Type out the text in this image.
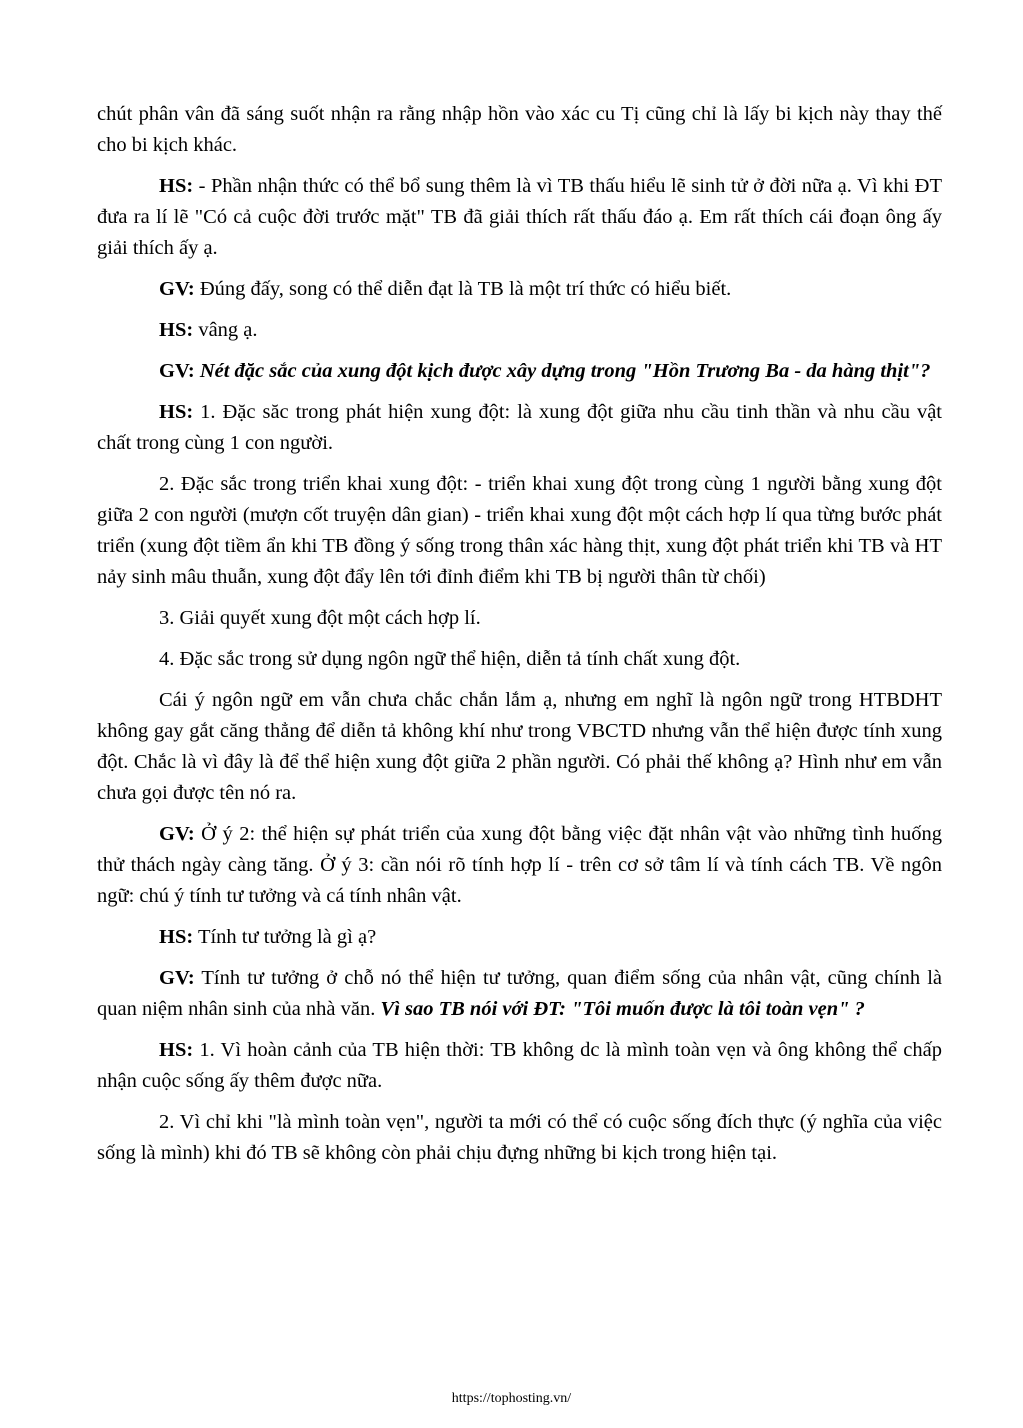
chút phân vân đã sáng suốt nhận ra rằng nhập hồn vào xác cu Tị cũng chỉ là lấy bi kịch này thay thế cho bi kịch khác.

HS: - Phần nhận thức có thể bổ sung thêm là vì TB thấu hiểu lẽ sinh tử ở đời nữa ạ. Vì khi ĐT đưa ra lí lẽ "Có cả cuộc đời trước mặt" TB đã giải thích rất thấu đáo ạ. Em rất thích cái đoạn ông ấy giải thích ấy ạ.

GV: Đúng đấy, song có thể diễn đạt là TB là một trí thức có hiểu biết.

HS: vâng ạ.

GV: Nét đặc sắc của xung đột kịch được xây dựng trong "Hồn Trương Ba - da hàng thịt"?

HS: 1. Đặc săc trong phát hiện xung đột: là xung đột giữa nhu cầu tinh thần và nhu cầu vật chất trong cùng 1 con người.

2. Đặc sắc trong triển khai xung đột: - triển khai xung đột trong cùng 1 người bằng xung đột giữa 2 con người (mượn cốt truyện dân gian) - triển khai xung đột một cách hợp lí qua từng bước phát triển (xung đột tiềm ẩn khi TB đồng ý sống trong thân xác hàng thịt, xung đột phát triển khi TB và HT nảy sinh mâu thuẫn, xung đột đẩy lên tới đỉnh điểm khi TB bị người thân từ chối)

3. Giải quyết xung đột một cách hợp lí.

4. Đặc sắc trong sử dụng ngôn ngữ thể hiện, diễn tả tính chất xung đột.

Cái ý ngôn ngữ em vẫn chưa chắc chắn lắm ạ, nhưng em nghĩ là ngôn ngữ trong HTBDHT không gay gắt căng thẳng để diễn tả không khí như trong VBCTD nhưng vẫn thể hiện được tính xung đột. Chắc là vì đây là để thể hiện xung đột giữa 2 phần người. Có phải thế không ạ? Hình như em vẫn chưa gọi được tên nó ra.

GV: Ở ý 2: thể hiện sự phát triển của xung đột bằng việc đặt nhân vật vào những tình huống thử thách ngày càng tăng. Ở ý 3: cần nói rõ tính hợp lí - trên cơ sở tâm lí và tính cách TB. Về ngôn ngữ: chú ý tính tư tưởng và cá tính nhân vật.

HS: Tính tư tưởng là gì ạ?

GV: Tính tư tưởng ở chỗ nó thể hiện tư tưởng, quan điểm sống của nhân vật, cũng chính là quan niệm nhân sinh của nhà văn. Vì sao TB nói với ĐT: "Tôi muốn được là tôi toàn vẹn" ?

HS: 1. Vì hoàn cảnh của TB hiện thời: TB không dc là mình toàn vẹn và ông không thể chấp nhận cuộc sống ấy thêm được nữa.

2. Vì chỉ khi "là mình toàn vẹn", người ta mới có thể có cuộc sống đích thực (ý nghĩa của việc sống là mình) khi đó TB sẽ không còn phải chịu đựng những bi kịch trong hiện tại.

https://tophosting.vn/
